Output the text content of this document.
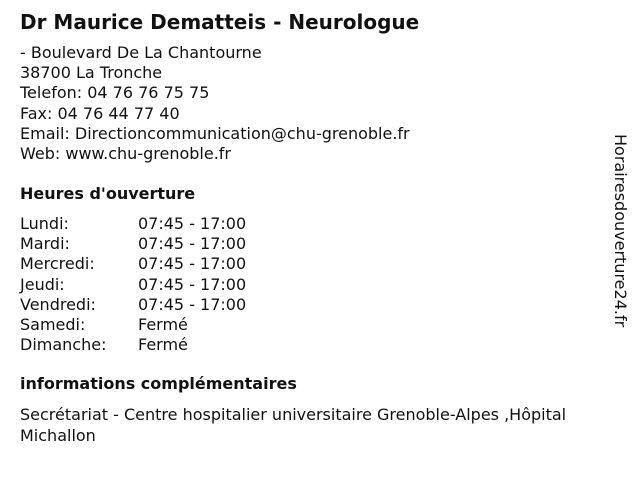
Dr Maurice Dematteis - Neurologue
- Boulevard De La Chantourne
38700 La Tronche
Telefon: 04 76 76 75 75
Fax: 04 76 44 77 40
Email: Directioncommunication@chu-grenoble.fr
Web: www.chu-grenoble.fr
Heures d'ouverture
Lundi:	07:45 - 17:00
Mardi:	07:45 - 17:00
Mercredi:	07:45 - 17:00
Jeudi:	07:45 - 17:00
Vendredi:	07:45 - 17:00
Samedi:	Fermé
Dimanche:	Fermé
informations complémentaires
Secrétariat - Centre hospitalier universitaire Grenoble-Alpes ,Hôpital Michallon
Horairesdouverture24.fr
